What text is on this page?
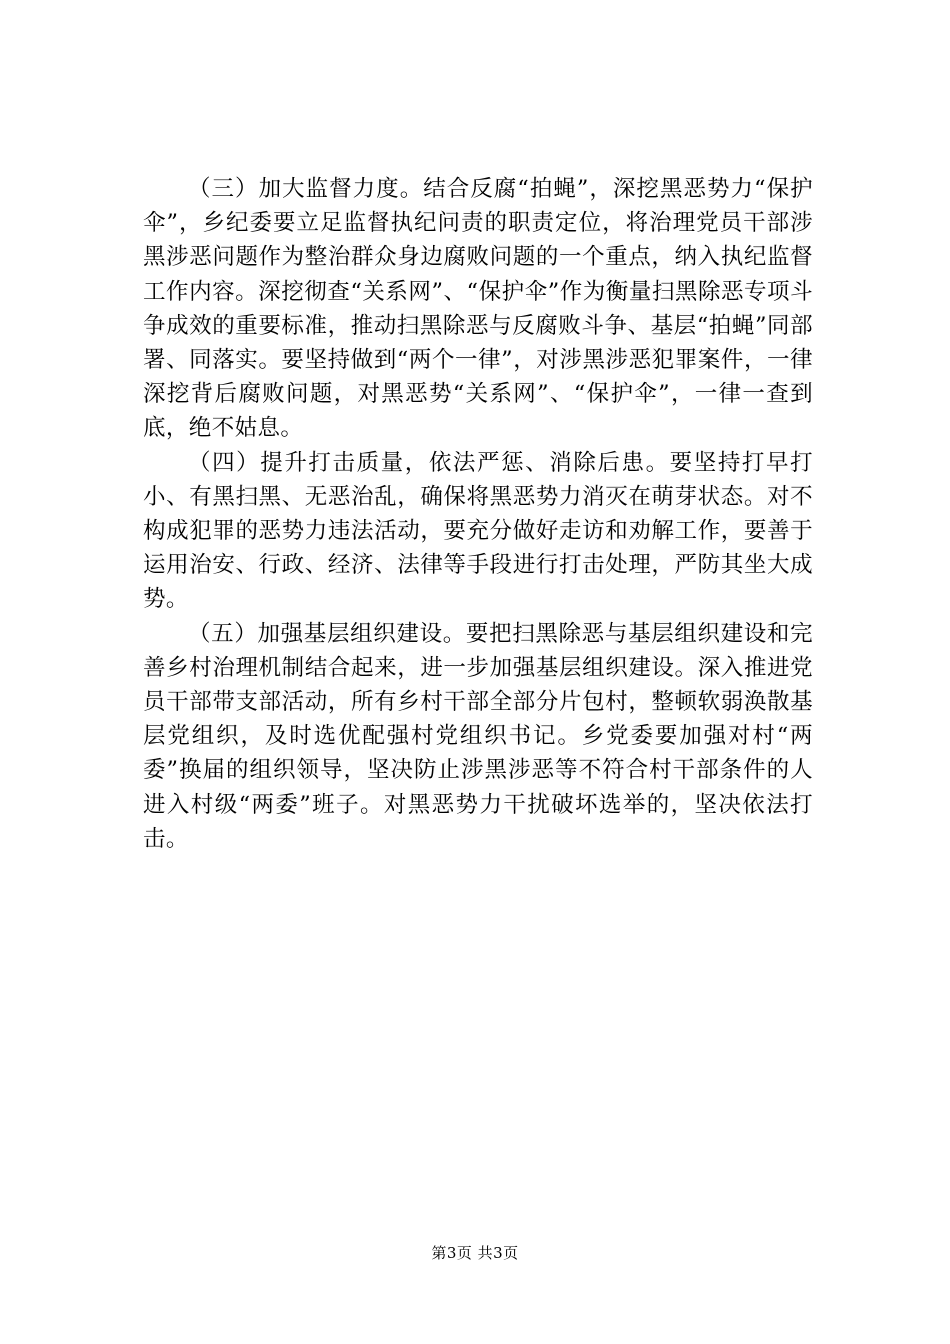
（三）加大监督力度。结合反腐“拍蝇”，深挖黑恶势力“保护伞”，乡纪委要立足监督执纪问责的职责定位，将治理党员干部涉黑涉恶问题作为整治群众身边腐败问题的一个重点，纳入执纪监督工作内容。深挖彻查“关系网”、“保护伞”作为衡量扫黑除恶专项斗争成效的重要标准，推动扫黑除恶与反腐败斗争、基层“拍蝇”同部署、同落实。要坚持做到“两个一律”，对涉黑涉恶犯罪案件，一律深挖背后腐败问题，对黑恶势“关系网”、“保护伞”，一律一查到底，绝不姑息。

（四）提升打击质量，依法严惩、消除后患。要坚持打早打小、有黑扫黑、无恶治乱，确保将黑恶势力消灭在萌芽状态。对不构成犯罪的恶势力违法活动，要充分做好走访和劝解工作，要善于运用治安、行政、经济、法律等手段进行打击处理，严防其坐大成势。

（五）加强基层组织建设。要把扫黑除恶与基层组织建设和完善乡村治理机制结合起来，进一步加强基层组织建设。深入推进党员干部带支部活动，所有乡村干部全部分片包村，整顿软弱涣散基层党组织，及时选优配强村党组织书记。乡党委要加强对村“两委”换届的组织领导，坚决防止涉黑涉恶等不符合村干部条件的人进入村级“两委”班子。对黑恶势力干扰破坏选举的，坚决依法打击。

第3页 共3页
